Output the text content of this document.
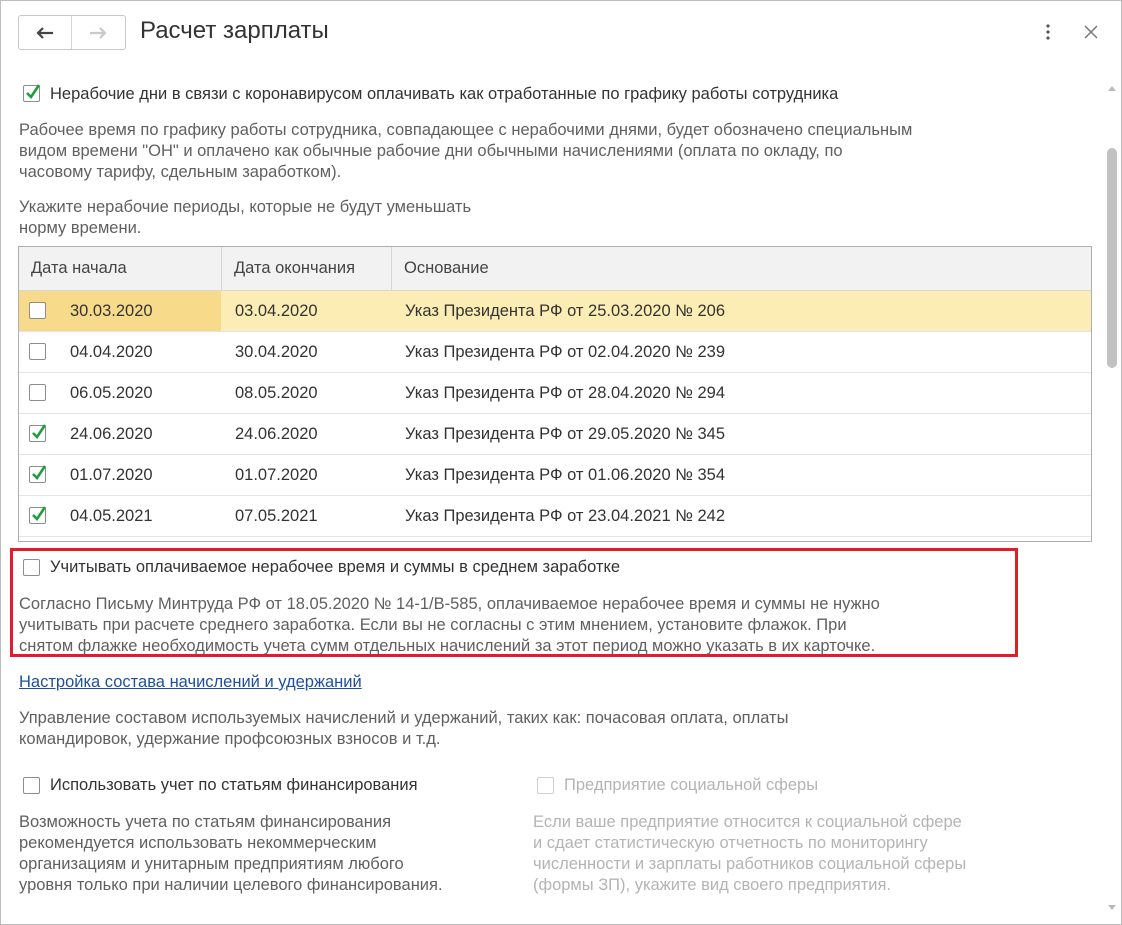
Расчет зарплаты
Нерабочие дни в связи с коронавирусом оплачивать как отработанные по графику работы сотрудника
Рабочее время по графику работы сотрудника, совпадающее с нерабочими днями, будет обозначено специальным
видом времени "ОН" и оплачено как обычные рабочие дни обычными начислениями (оплата по окладу, по
часовому тарифу, сдельным заработком).
Укажите нерабочие периоды, которые не будут уменьшать
норму времени.
Дата начала	Дата окончания	Основание
30.03.2020	03.04.2020	Указ Президента РФ от 25.03.2020 № 206
04.04.2020	30.04.2020	Указ Президента РФ от 02.04.2020 № 239
06.05.2020	08.05.2020	Указ Президента РФ от 28.04.2020 № 294
24.06.2020	24.06.2020	Указ Президента РФ от 29.05.2020 № 345
01.07.2020	01.07.2020	Указ Президента РФ от 01.06.2020 № 354
04.05.2021	07.05.2021	Указ Президента РФ от 23.04.2021 № 242
Учитывать оплачиваемое нерабочее время и суммы в среднем заработке
Согласно Письму Минтруда РФ от 18.05.2020 № 14-1/В-585, оплачиваемое нерабочее время и суммы не нужно
учитывать при расчете среднего заработка. Если вы не согласны с этим мнением, установите флажок. При
снятом флажке необходимость учета сумм отдельных начислений за этот период можно указать в их карточке.
Настройка состава начислений и удержаний
Управление составом используемых начислений и удержаний, таких как: почасовая оплата, оплаты
командировок, удержание профсоюзных взносов и т.д.
Использовать учет по статьям финансирования
Возможность учета по статьям финансирования
рекомендуется использовать некоммерческим
организациям и унитарным предприятиям любого
уровня только при наличии целевого финансирования.
Предприятие социальной сферы
Если ваше предприятие относится к социальной сфере
и сдает статистическую отчетность по мониторингу
численности и зарплаты работников социальной сферы
(формы ЗП), укажите вид своего предприятия.
